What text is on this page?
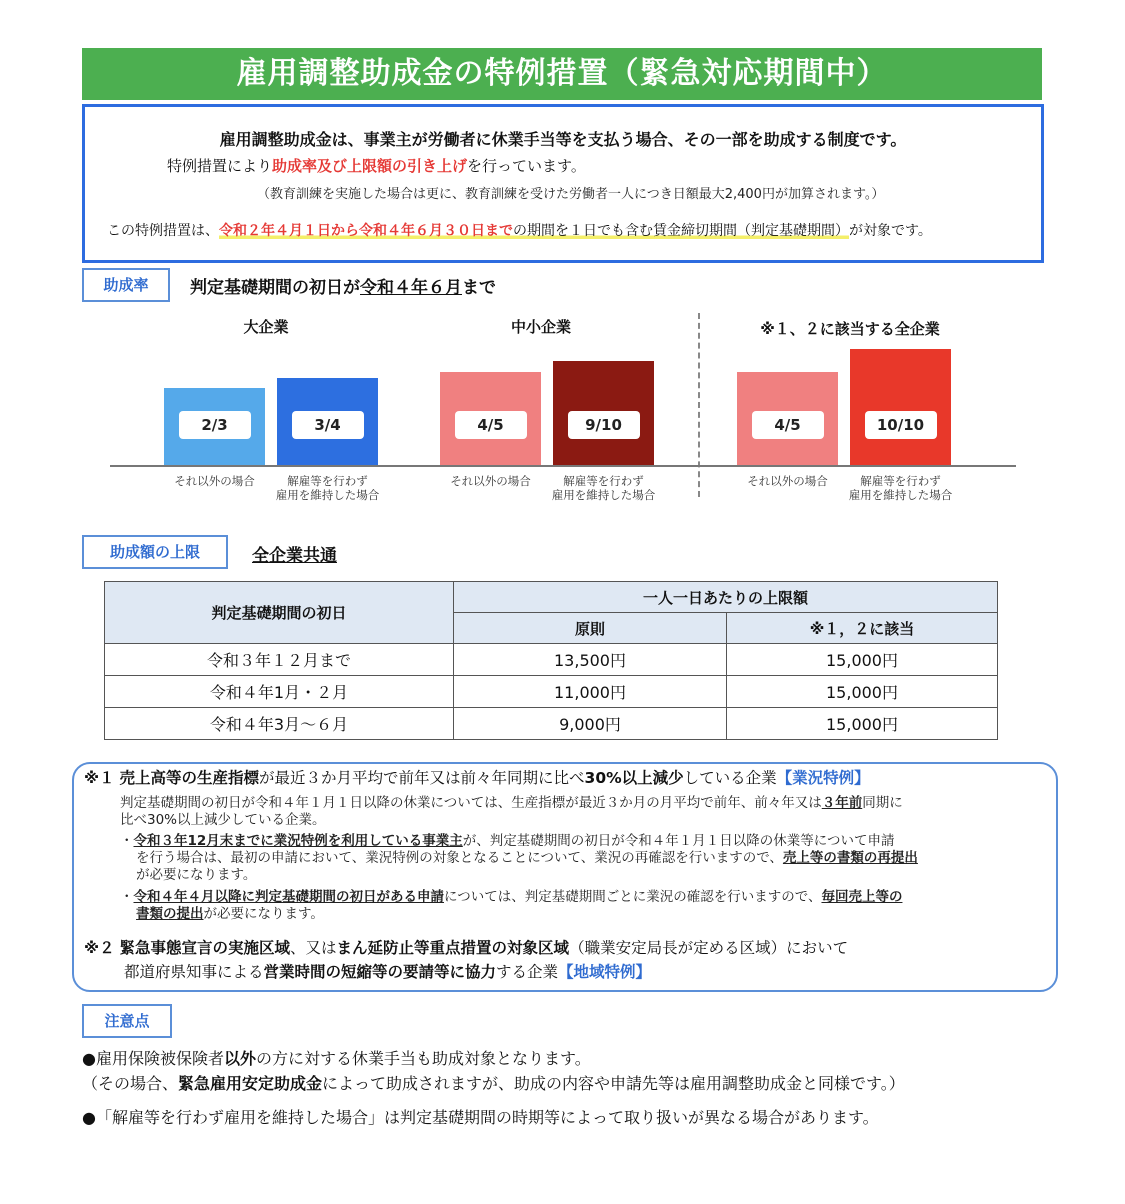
雇用調整助成金の特例措置（緊急対応期間中）
雇用調整助成金は、事業主が労働者に休業手当等を支払う場合、その一部を助成する制度です。
特例措置により助成率及び上限額の引き上げを行っています。
（教育訓練を実施した場合は更に、教育訓練を受けた労働者一人につき日額最大2,400円が加算されます。）
この特例措置は、令和２年４月１日から令和４年６月３０日までの期間を１日でも含む賃金締切期間（判定基礎期間）が対象です。
助成率	判定基礎期間の初日が令和４年６月まで
大企業	中小企業	※１、２に該当する全企業
2/3
それ以外の場合
3/4
解雇等を行わず
雇用を維持した場合
4/5
それ以外の場合
9/10
解雇等を行わず
雇用を維持した場合
4/5
それ以外の場合
10/10
解雇等を行わず
雇用を維持した場合
助成額の上限	全企業共通
判定基礎期間の初日	一人一日あたりの上限額	
	原則	※１，２に該当
令和３年１２月まで	13,500円	15,000円
令和４年1月・２月	11,000円	15,000円
令和４年3月～６月	9,000円	15,000円
※１ 売上高等の生産指標が最近３か月平均で前年又は前々年同期に比べ30%以上減少している企業【業況特例】
判定基礎期間の初日が令和４年１月１日以降の休業については、生産指標が最近３か月の月平均で前年、前々年又は３年前同期に
比べ30%以上減少している企業。
・令和３年12月末までに業況特例を利用している事業主が、判定基礎期間の初日が令和４年１月１日以降の休業等について申請
を行う場合は、最初の申請において、業況特例の対象となることについて、業況の再確認を行いますので、売上等の書類の再提出
が必要になります。
・令和４年４月以降に判定基礎期間の初日がある申請については、判定基礎期間ごとに業況の確認を行いますので、毎回売上等の
書類の提出が必要になります。
※２ 緊急事態宣言の実施区域、又はまん延防止等重点措置の対象区域（職業安定局長が定める区域）において
都道府県知事による営業時間の短縮等の要請等に協力する企業【地域特例】
注意点
●雇用保険被保険者以外の方に対する休業手当も助成対象となります。
（その場合、緊急雇用安定助成金によって助成されますが、助成の内容や申請先等は雇用調整助成金と同様です。）
●「解雇等を行わず雇用を維持した場合」は判定基礎期間の時期等によって取り扱いが異なる場合があります。
